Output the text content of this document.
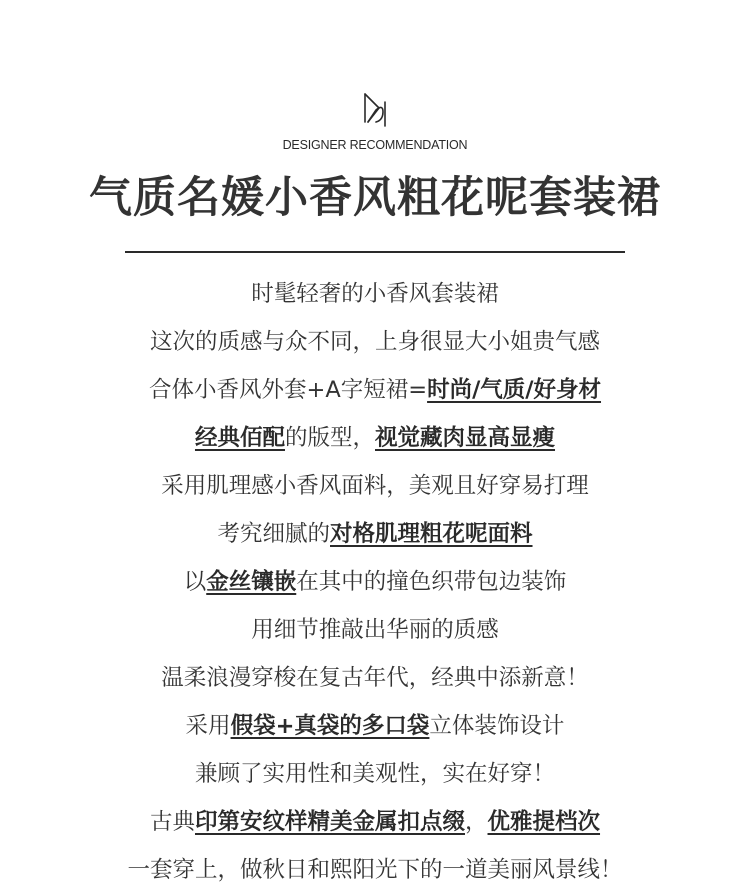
DESIGNER RECOMMENDATION
气质名媛小香风粗花呢套装裙
时髦轻奢的小香风套装裙
这次的质感与众不同，上身很显大小姐贵气感
合体小香风外套+A字短裙=时尚/气质/好身材
经典佰配的版型，视觉藏肉显高显瘦
采用肌理感小香风面料，美观且好穿易打理
考究细腻的对格肌理粗花呢面料
以金丝镶嵌在其中的撞色织带包边装饰
用细节推敲出华丽的质感
温柔浪漫穿梭在复古年代，经典中添新意！
采用假袋+真袋的多口袋立体装饰设计
兼顾了实用性和美观性，实在好穿！
古典印第安纹样精美金属扣点缀，优雅提档次
一套穿上，做秋日和熙阳光下的一道美丽风景线！
